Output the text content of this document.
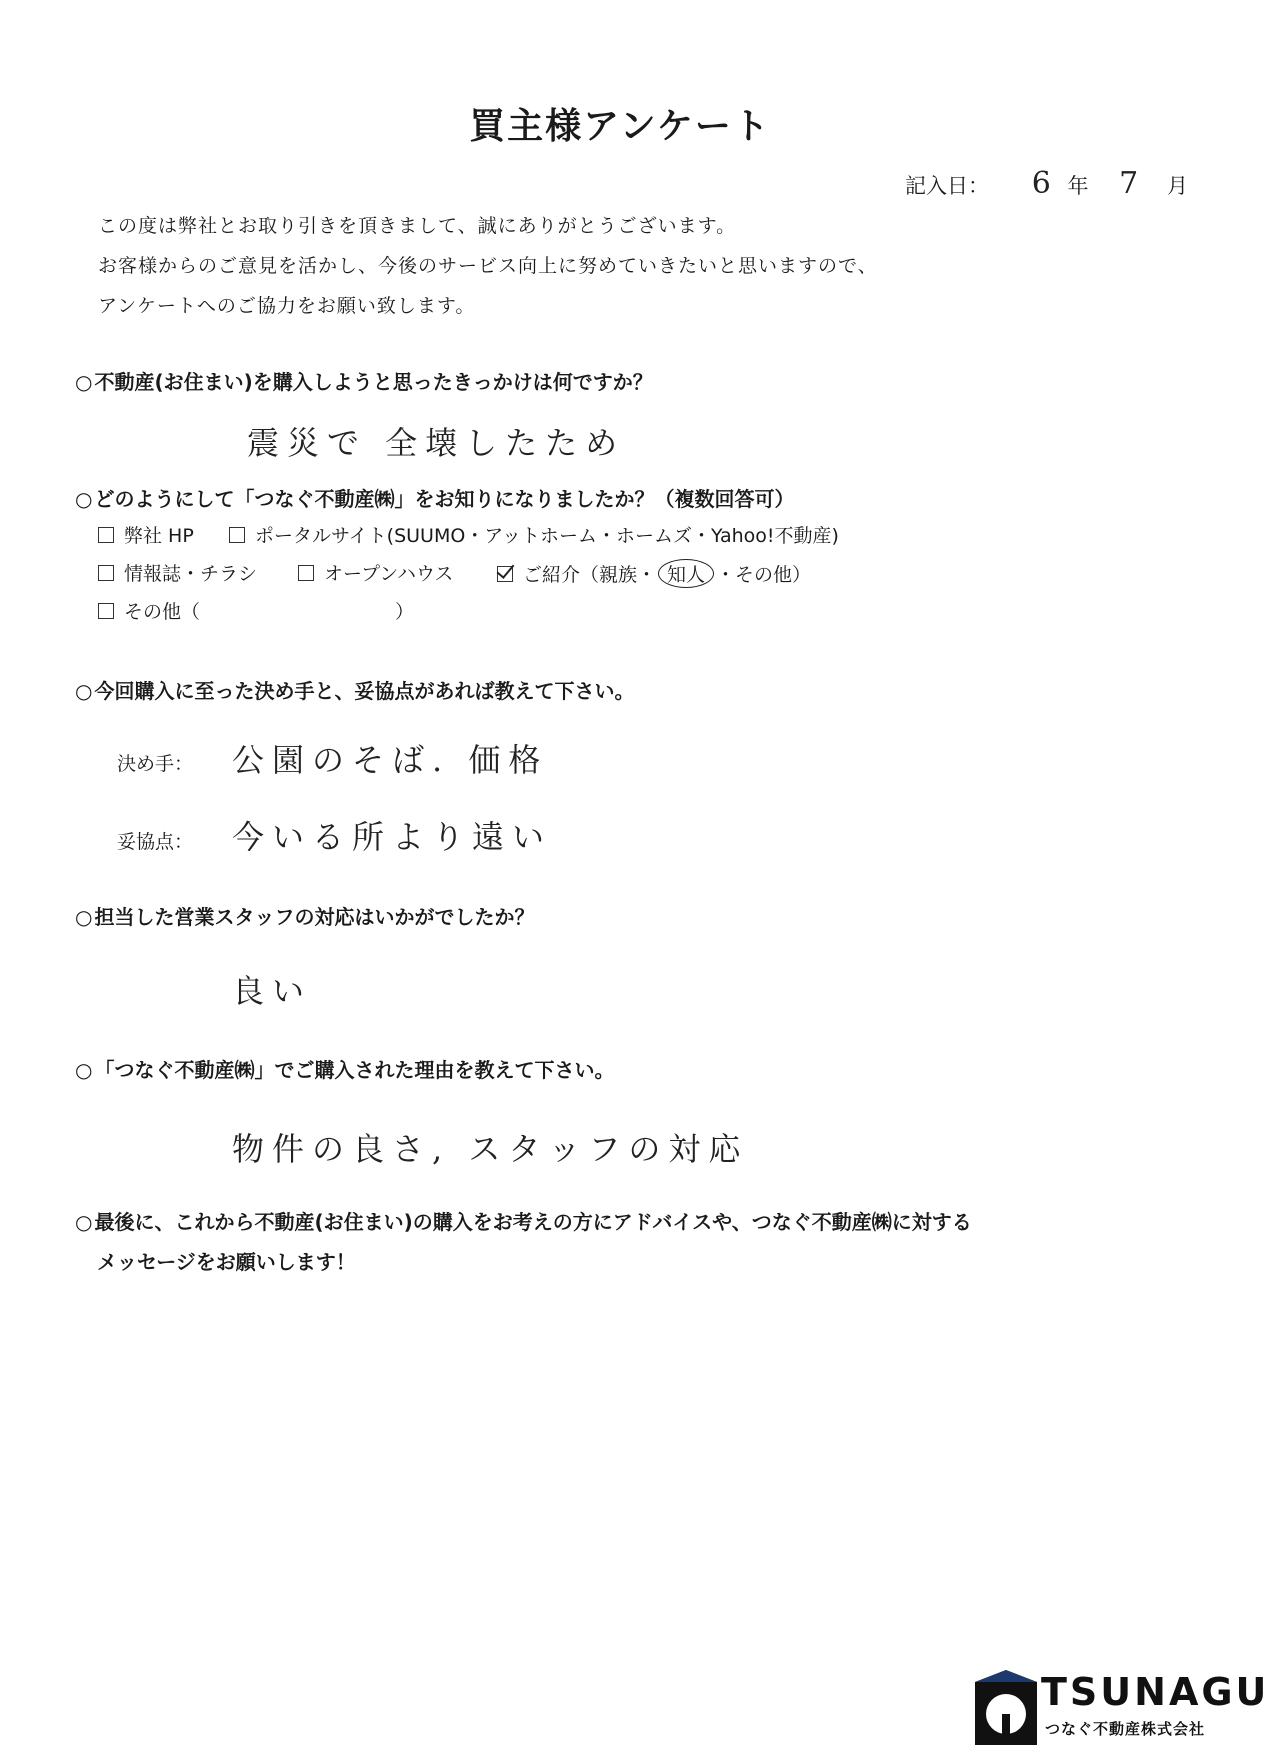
買主様アンケート
記入日： 6 年 7 月
この度は弊社とお取り引きを頂きまして、誠にありがとうございます。
お客様からのご意見を活かし、今後のサービス向上に努めていきたいと思いますので、
アンケートへのご協力をお願い致します。
○ 不動産(お住まい)を購入しようと思ったきっかけは何ですか？
震災で 全壊したため
○ どのようにして「つなぐ不動産㈱」をお知りになりましたか？（複数回答可）
弊社 HP	ポータルサイト(SUUMO・アットホーム・ホームズ・Yahoo!不動産)
情報誌・チラシ	オープンハウス	ご紹介（親族・ 知人 ・その他）
その他（	）
○ 今回購入に至った決め手と、妥協点があれば教えて下さい。
決め手： 公園のそば. 価格
妥協点： 今いる所より遠い
○ 担当した営業スタッフの対応はいかがでしたか？
良い
○ 「つなぐ不動産㈱」でご購入された理由を教えて下さい。
物件の良さ, スタッフの対応
○ 最後に、これから不動産(お住まい)の購入をお考えの方にアドバイスや、つなぐ不動産㈱に対する
メッセージをお願いします！
TSUNAGU
つなぐ不動産株式会社
